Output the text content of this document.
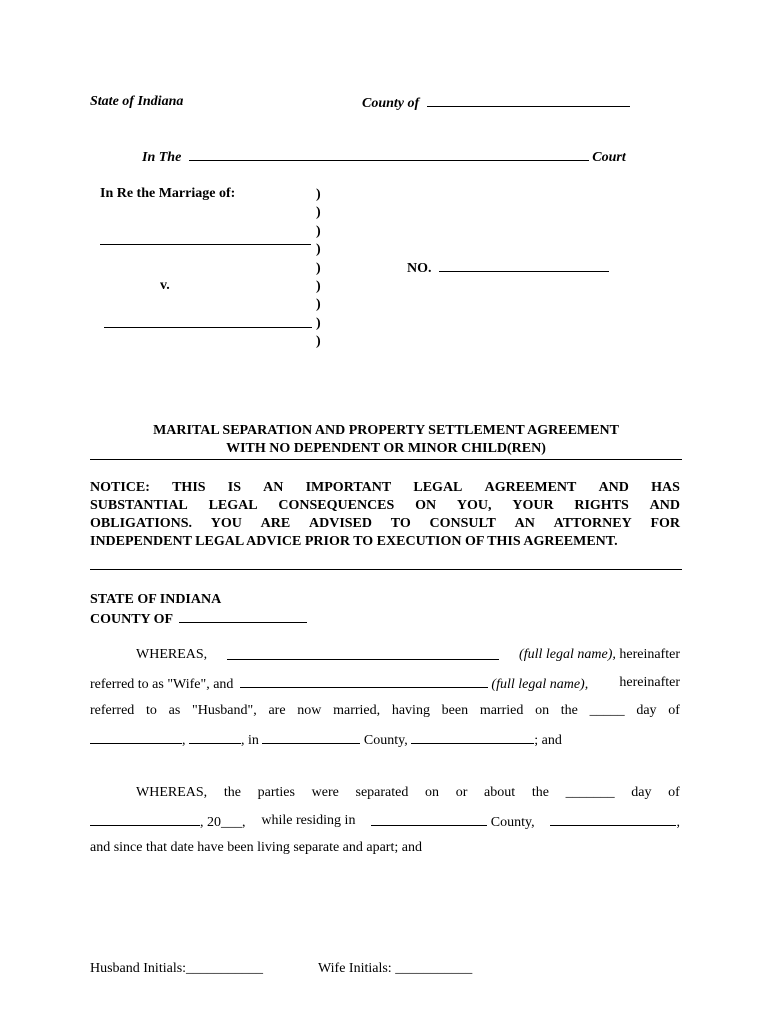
State of Indiana	County of
In The	Court
In Re the Marriage of:
v.
)
)
)
)
)
)
)
)
)
NO.
MARITAL SEPARATION AND PROPERTY SETTLEMENT AGREEMENT
WITH NO DEPENDENT OR MINOR CHILD(REN)
NOTICE: THIS IS AN IMPORTANT LEGAL AGREEMENT AND HAS
SUBSTANTIAL LEGAL CONSEQUENCES ON YOU, YOUR RIGHTS AND
OBLIGATIONS. YOU ARE ADVISED TO CONSULT AN ATTORNEY FOR
INDEPENDENT LEGAL ADVICE PRIOR TO EXECUTION OF THIS AGREEMENT.
STATE OF INDIANA
COUNTY OF
WHEREAS,	(full legal name), hereinafter
referred to as "Wife", and	(full legal name), hereinafter
referred to as "Husband", are now married, having been married on the _____ day of
,	, in	County,	; and
WHEREAS, the parties were separated on or about the _______ day of
, 20___, while residing in	County,	,
and since that date have been living separate and apart; and
Husband Initials:___________	Wife Initials: ___________
